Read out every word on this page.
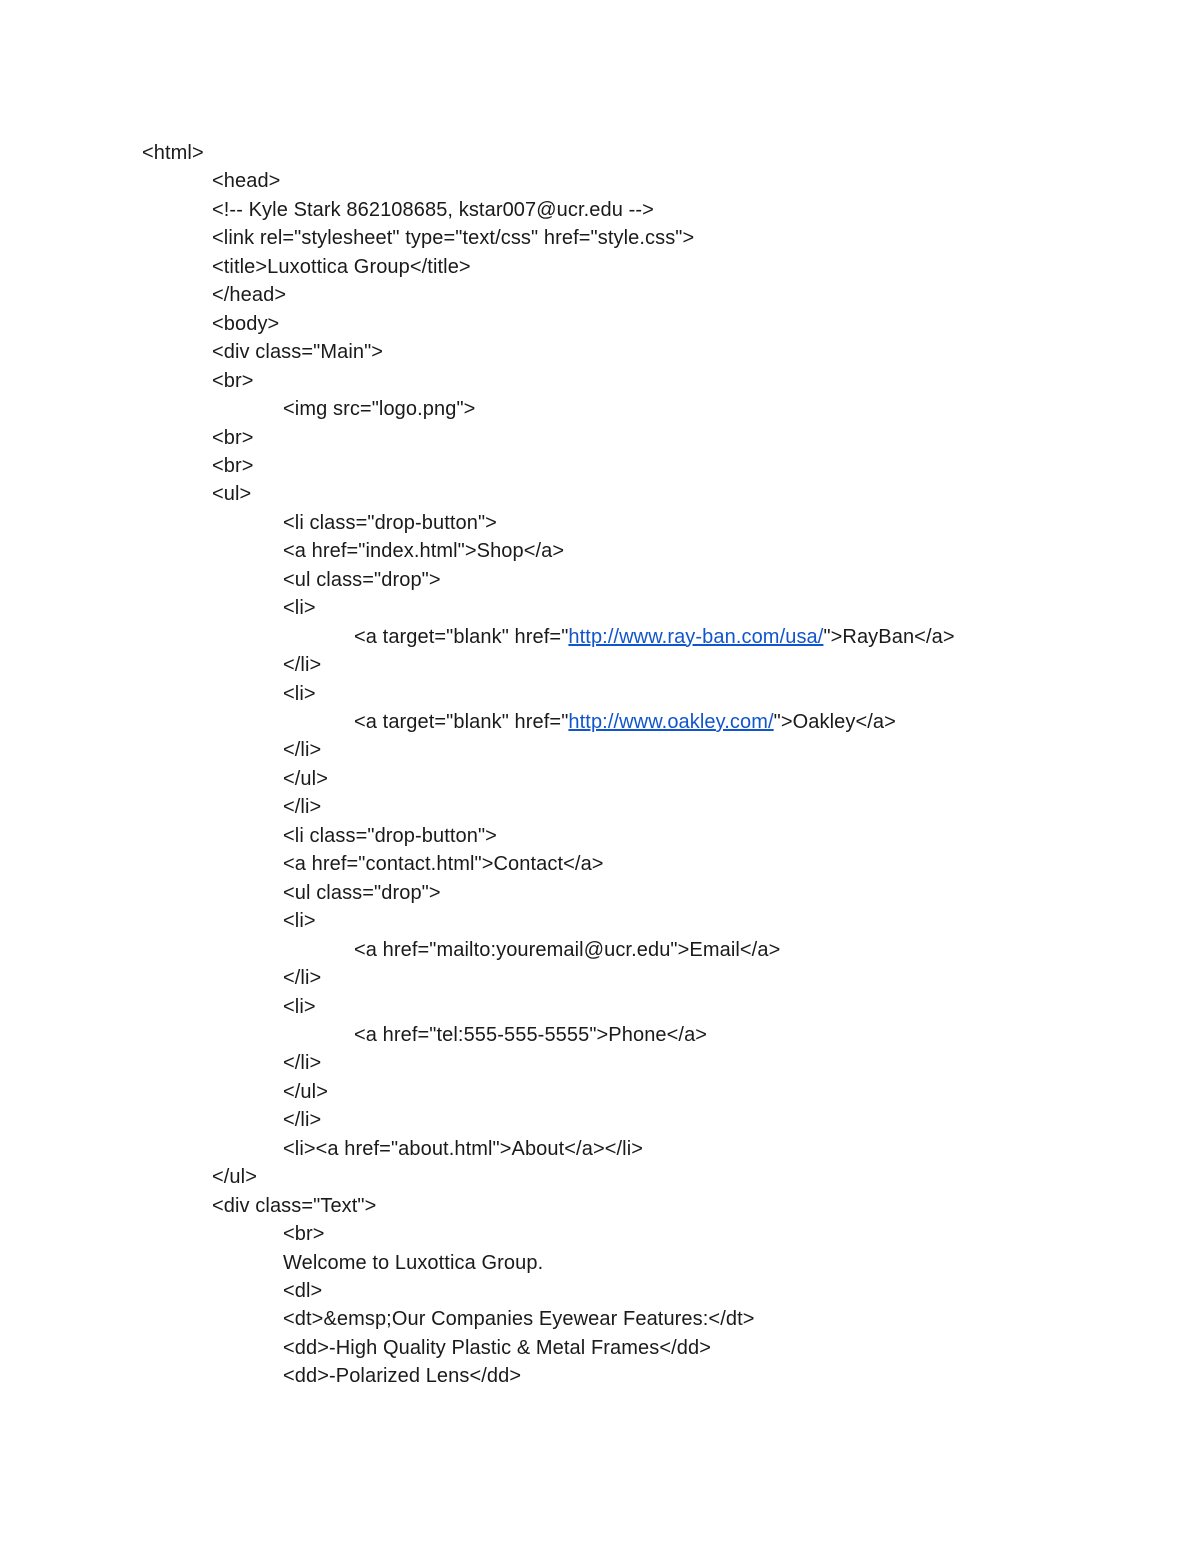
<html>
<head>
<!-- Kyle Stark 862108685, kstar007@ucr.edu -->
<link rel="stylesheet" type="text/css" href="style.css">
<title>Luxottica Group</title>
</head>
<body>
<div class="Main">
<br>
<img src="logo.png">
<br>
<br>
<ul>
<li class="drop-button">
<a href="index.html">Shop</a>
<ul class="drop">
<li>
<a target="blank" href="http://www.ray-ban.com/usa/">RayBan</a>
</li>
<li>
<a target="blank" href="http://www.oakley.com/">Oakley</a>
</li>
</ul>
</li>
<li class="drop-button">
<a href="contact.html">Contact</a>
<ul class="drop">
<li>
<a href="mailto:youremail@ucr.edu">Email</a>
</li>
<li>
<a href="tel:555-555-5555">Phone</a>
</li>
</ul>
</li>
<li><a href="about.html">About</a></li>
</ul>
<div class="Text">
<br>
Welcome to Luxottica Group.
<dl>
<dt>&emsp;Our Companies Eyewear Features:</dt>
<dd>-High Quality Plastic & Metal Frames</dd>
<dd>-Polarized Lens</dd>
